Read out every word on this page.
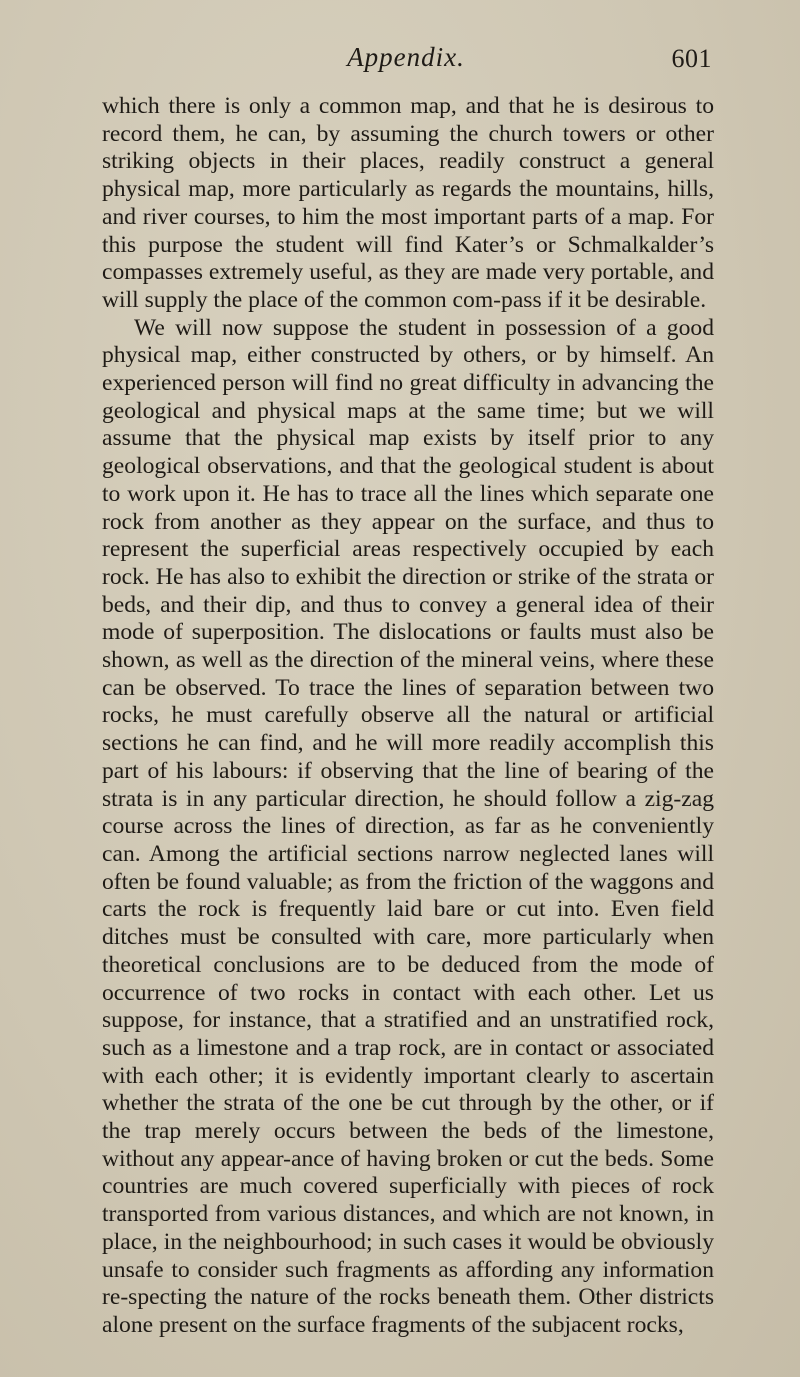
Appendix.	601

which there is only a common map, and that he is desirous to record them, he can, by assuming the church towers or other striking objects in their places, readily construct a general physical map, more particularly as regards the mountains, hills, and river courses, to him the most important parts of a map. For this purpose the student will find Kater’s or Schmalkalder’s compasses extremely useful, as they are made very portable, and will supply the place of the common com-pass if it be desirable.

We will now suppose the student in possession of a good physical map, either constructed by others, or by himself. An experienced person will find no great difficulty in advancing the geological and physical maps at the same time; but we will assume that the physical map exists by itself prior to any geological observations, and that the geological student is about to work upon it. He has to trace all the lines which separate one rock from another as they appear on the surface, and thus to represent the superficial areas respectively occupied by each rock. He has also to exhibit the direction or strike of the strata or beds, and their dip, and thus to convey a general idea of their mode of superposition. The dislocations or faults must also be shown, as well as the direction of the mineral veins, where these can be observed. To trace the lines of separation between two rocks, he must carefully observe all the natural or artificial sections he can find, and he will more readily accomplish this part of his labours: if observing that the line of bearing of the strata is in any particular direction, he should follow a zig-zag course across the lines of direction, as far as he conveniently can. Among the artificial sections narrow neglected lanes will often be found valuable; as from the friction of the waggons and carts the rock is frequently laid bare or cut into. Even field ditches must be consulted with care, more particularly when theoretical conclusions are to be deduced from the mode of occurrence of two rocks in contact with each other. Let us suppose, for instance, that a stratified and an unstratified rock, such as a limestone and a trap rock, are in contact or associated with each other; it is evidently important clearly to ascertain whether the strata of the one be cut through by the other, or if the trap merely occurs between the beds of the limestone, without any appear-ance of having broken or cut the beds. Some countries are much covered superficially with pieces of rock transported from various distances, and which are not known, in place, in the neighbourhood; in such cases it would be obviously unsafe to consider such fragments as affording any information re-specting the nature of the rocks beneath them. Other districts alone present on the surface fragments of the subjacent rocks,
